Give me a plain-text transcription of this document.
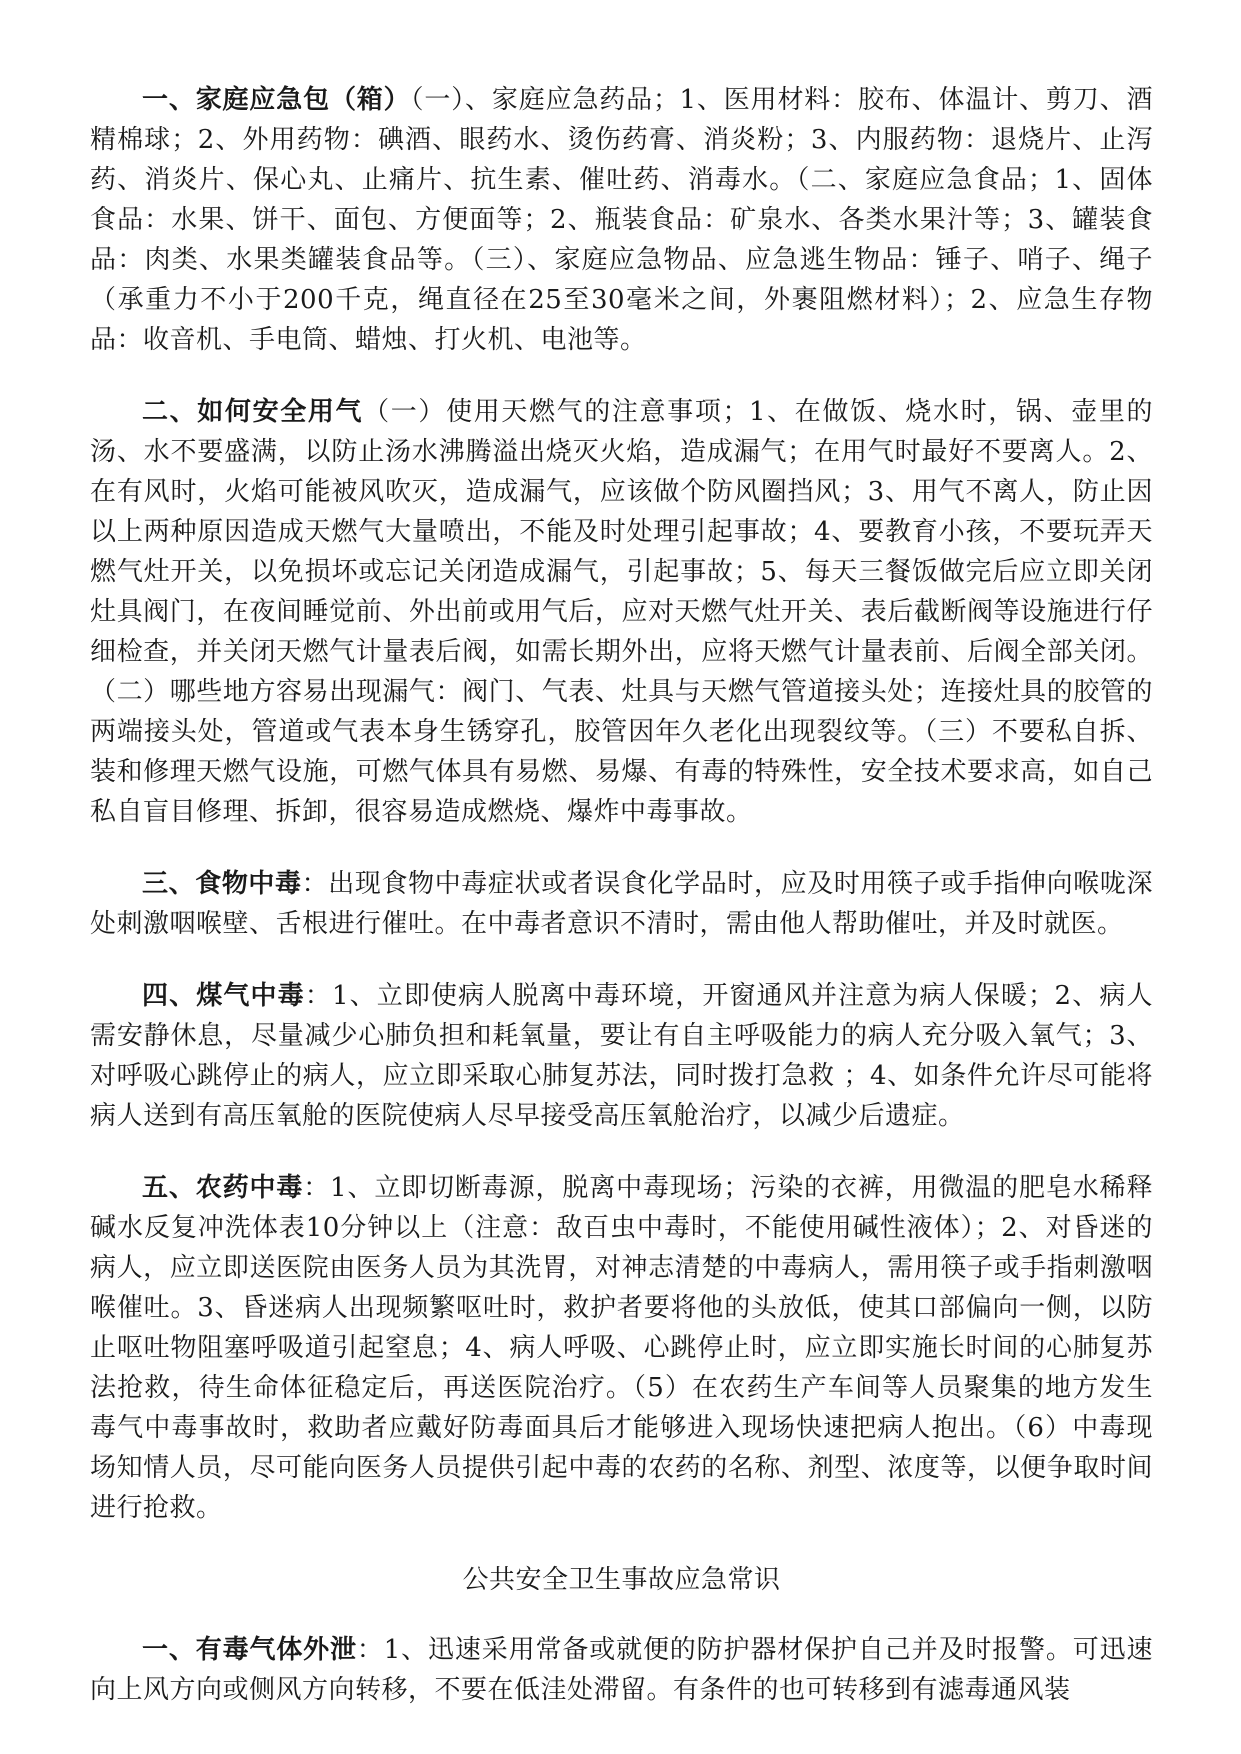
一、家庭应急包（箱）（一）、家庭应急药品；1、医用材料：胶布、体温计、剪刀、酒精棉球；2、外用药物：碘酒、眼药水、烫伤药膏、消炎粉；3、内服药物：退烧片、止泻药、消炎片、保心丸、止痛片、抗生素、催吐药、消毒水。（二、家庭应急食品；1、固体食品：水果、饼干、面包、方便面等；2、瓶装食品：矿泉水、各类水果汁等；3、罐装食品：肉类、水果类罐装食品等。（三）、家庭应急物品、应急逃生物品：锤子、哨子、绳子（承重力不小于200千克，绳直径在25至30毫米之间，外裹阻燃材料）；2、应急生存物品：收音机、手电筒、蜡烛、打火机、电池等。

二、如何安全用气（一）使用天燃气的注意事项；1、在做饭、烧水时，锅、壶里的汤、水不要盛满，以防止汤水沸腾溢出烧灭火焰，造成漏气；在用气时最好不要离人。2、在有风时，火焰可能被风吹灭，造成漏气，应该做个防风圈挡风；3、用气不离人，防止因以上两种原因造成天燃气大量喷出，不能及时处理引起事故；4、要教育小孩，不要玩弄天燃气灶开关，以免损坏或忘记关闭造成漏气，引起事故；5、每天三餐饭做完后应立即关闭灶具阀门，在夜间睡觉前、外出前或用气后，应对天燃气灶开关、表后截断阀等设施进行仔细检查，并关闭天燃气计量表后阀，如需长期外出，应将天燃气计量表前、后阀全部关闭。（二）哪些地方容易出现漏气：阀门、气表、灶具与天燃气管道接头处；连接灶具的胶管的两端接头处，管道或气表本身生锈穿孔，胶管因年久老化出现裂纹等。（三）不要私自拆、装和修理天燃气设施，可燃气体具有易燃、易爆、有毒的特殊性，安全技术要求高，如自己私自盲目修理、拆卸，很容易造成燃烧、爆炸中毒事故。

三、食物中毒：出现食物中毒症状或者误食化学品时，应及时用筷子或手指伸向喉咙深处刺激咽喉壁、舌根进行催吐。在中毒者意识不清时，需由他人帮助催吐，并及时就医。

四、煤气中毒：1、立即使病人脱离中毒环境，开窗通风并注意为病人保暖；2、病人需安静休息，尽量减少心肺负担和耗氧量，要让有自主呼吸能力的病人充分吸入氧气；3、对呼吸心跳停止的病人，应立即采取心肺复苏法，同时拨打急救 ；4、如条件允许尽可能将病人送到有高压氧舱的医院使病人尽早接受高压氧舱治疗，以减少后遗症。

五、农药中毒：1、立即切断毒源，脱离中毒现场；污染的衣裤，用微温的肥皂水稀释碱水反复冲洗体表10分钟以上（注意：敌百虫中毒时，不能使用碱性液体）；2、对昏迷的病人，应立即送医院由医务人员为其洗胃，对神志清楚的中毒病人，需用筷子或手指刺激咽喉催吐。3、昏迷病人出现频繁呕吐时，救护者要将他的头放低，使其口部偏向一侧，以防止呕吐物阻塞呼吸道引起窒息；4、病人呼吸、心跳停止时，应立即实施长时间的心肺复苏法抢救，待生命体征稳定后，再送医院治疗。（5）在农药生产车间等人员聚集的地方发生毒气中毒事故时，救助者应戴好防毒面具后才能够进入现场快速把病人抱出。（6）中毒现场知情人员，尽可能向医务人员提供引起中毒的农药的名称、剂型、浓度等，以便争取时间进行抢救。

公共安全卫生事故应急常识

一、有毒气体外泄：1、迅速采用常备或就便的防护器材保护自己并及时报警。可迅速向上风方向或侧风方向转移，不要在低洼处滞留。有条件的也可转移到有滤毒通风装
